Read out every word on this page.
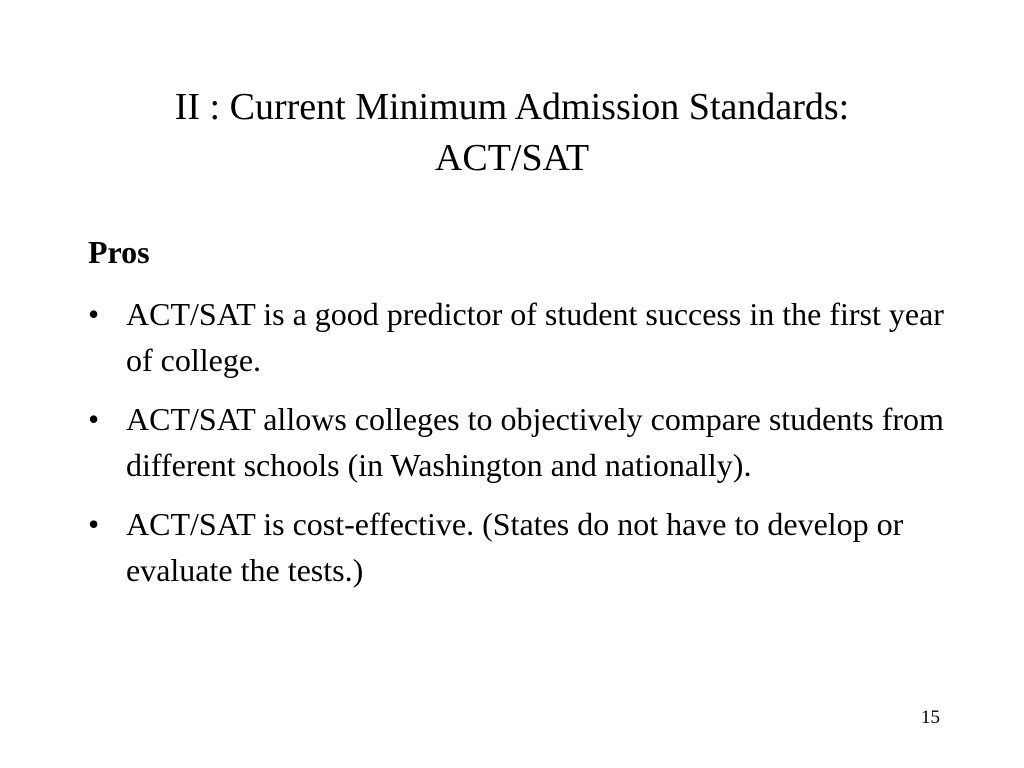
II : Current Minimum Admission Standards:
ACT/SAT
Pros
• ACT/SAT is a good predictor of student success in the first year of college.
• ACT/SAT allows colleges to objectively compare students from different schools (in Washington and nationally).
• ACT/SAT is cost-effective. (States do not have to develop or evaluate the tests.)
15
